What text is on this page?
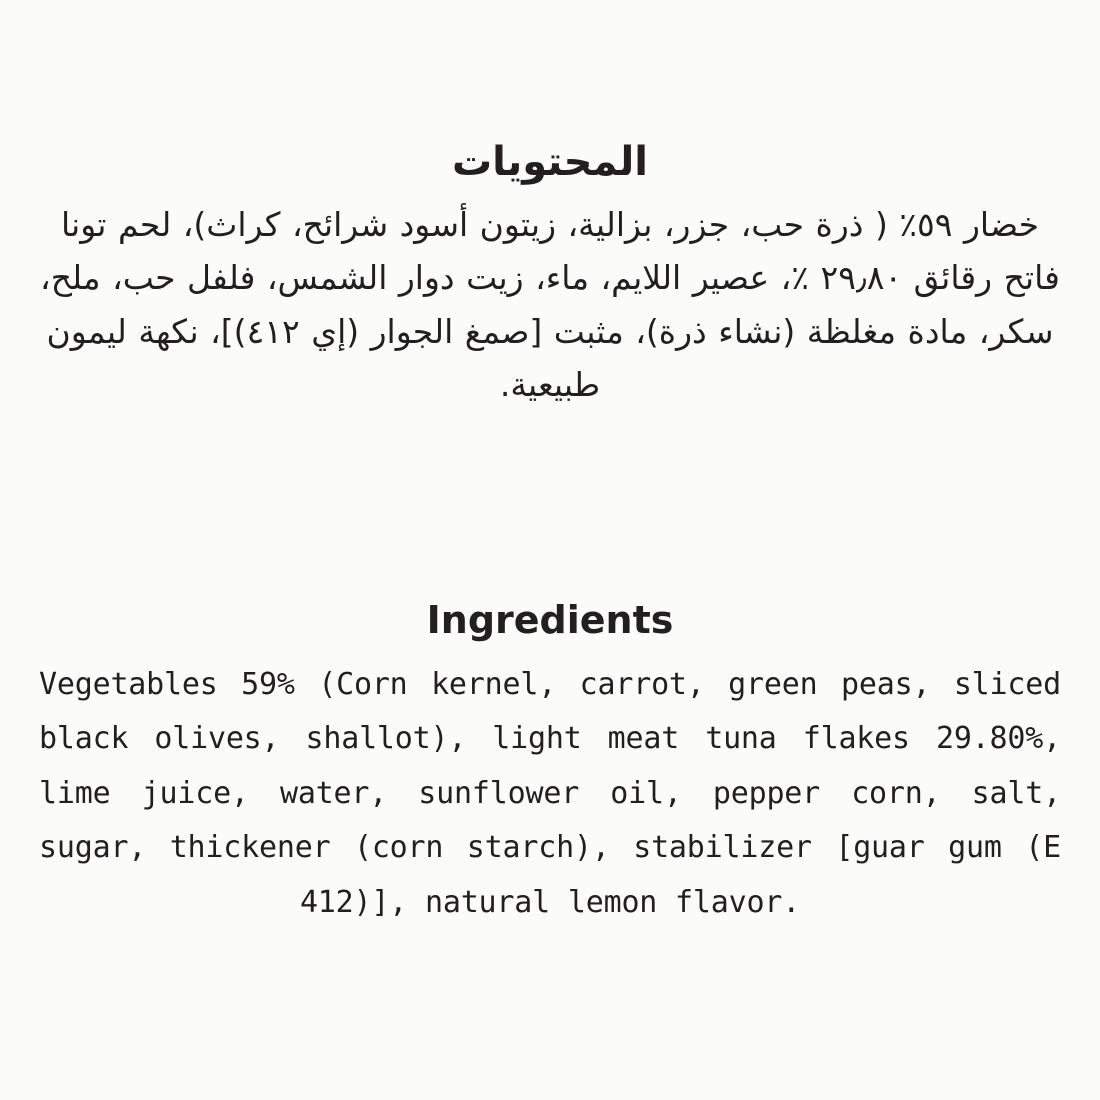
المحتويات

خضار ٥٩٪ ( ذرة حب، جزر، بزالية، زيتون أسود شرائح، كراث)، لحم تونا فاتح رقائق ٢٩٫٨٠ ٪، عصير اللايم، ماء، زيت دوار الشمس، فلفل حب، ملح، سكر، مادة مغلظة (نشاء ذرة)، مثبت [صمغ الجوار (إي ٤١٢)]، نكهة ليمون طبيعية.

Ingredients

Vegetables 59% (Corn kernel, carrot, green peas, sliced black olives, shallot), light meat tuna flakes 29.80%, lime juice, water, sunflower oil, pepper corn, salt, sugar, thickener (corn starch), stabilizer [guar gum (E 412)], natural lemon flavor.
